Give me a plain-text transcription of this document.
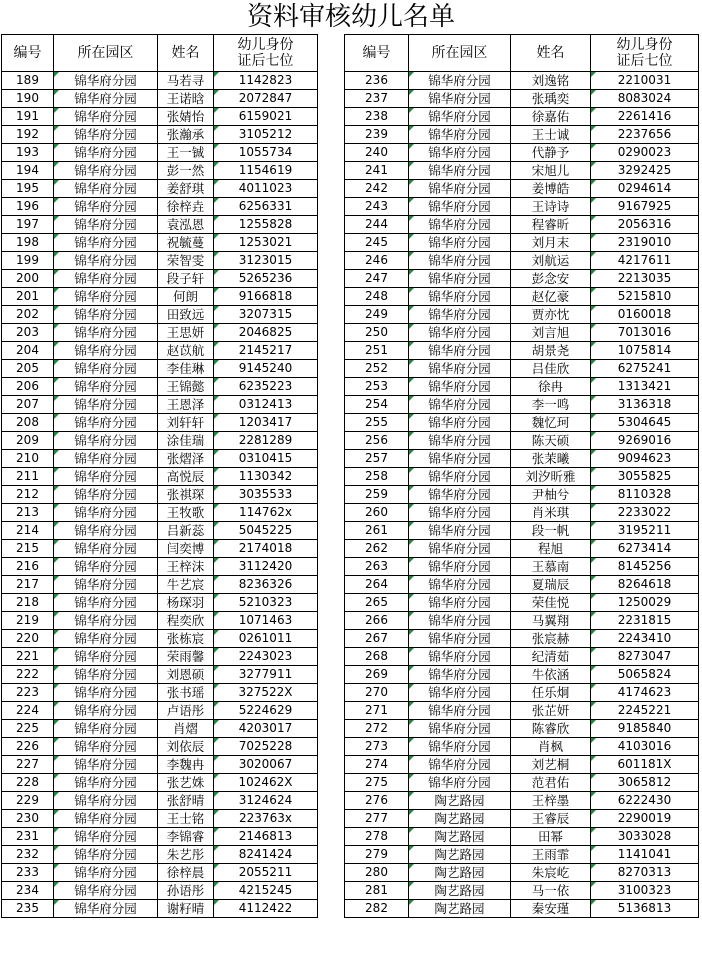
资料审核幼儿名单
编号	所在园区	姓名	幼儿身份
证后七位
189	锦华府分园	马若寻	1142823
190	锦华府分园	王诺晗	2072847
191	锦华府分园	张婧怡	6159021
192	锦华府分园	张瀚承	3105212
193	锦华府分园	王一铖	1055734
194	锦华府分园	彭一然	1154619
195	锦华府分园	姜舒琪	4011023
196	锦华府分园	徐梓垚	6256331
197	锦华府分园	袁泓恩	1255828
198	锦华府分园	祝毓蔓	1253021
199	锦华府分园	荣智雯	3123015
200	锦华府分园	段子轩	5265236
201	锦华府分园	何朗	9166818
202	锦华府分园	田致远	3207315
203	锦华府分园	王思妍	2046825
204	锦华府分园	赵苡航	2145217
205	锦华府分园	李佳琳	9145240
206	锦华府分园	王锦懿	6235223
207	锦华府分园	王恩泽	0312413
208	锦华府分园	刘轩轩	1203417
209	锦华府分园	涂佳瑞	2281289
210	锦华府分园	张熠泽	0310415
211	锦华府分园	高悦辰	1130342
212	锦华府分园	张祺琛	3035533
213	锦华府分园	王牧歌	114762x
214	锦华府分园	吕新蕊	5045225
215	锦华府分园	闫奕博	2174018
216	锦华府分园	王梓沫	3112420
217	锦华府分园	牛艺宸	8236326
218	锦华府分园	杨琛羽	5210323
219	锦华府分园	程奕欣	1071463
220	锦华府分园	张栋宸	0261011
221	锦华府分园	荣雨馨	2243023
222	锦华府分园	刘恩硕	3277911
223	锦华府分园	张书瑶	327522X
224	锦华府分园	卢语彤	5224629
225	锦华府分园	肖熠	4203017
226	锦华府分园	刘依辰	7025228
227	锦华府分园	李魏冉	3020067
228	锦华府分园	张艺姝	102462X
229	锦华府分园	张舒晴	3124624
230	锦华府分园	王士铭	223763x
231	锦华府分园	李锦睿	2146813
232	锦华府分园	朱艺彤	8241424
233	锦华府分园	徐梓晨	2055211
234	锦华府分园	孙语彤	4215245
235	锦华府分园	谢籽晴	4112422
编号	所在园区	姓名	幼儿身份
证后七位
236	锦华府分园	刘逸铭	2210031
237	锦华府分园	张瑀奕	8083024
238	锦华府分园	徐嘉佑	2261416
239	锦华府分园	王士诚	2237656
240	锦华府分园	代静予	0290023
241	锦华府分园	宋旭儿	3292425
242	锦华府分园	姜博皓	0294614
243	锦华府分园	王诗诗	9167925
244	锦华府分园	程睿昕	2056316
245	锦华府分园	刘月末	2319010
246	锦华府分园	刘航运	4217611
247	锦华府分园	彭念安	2213035
248	锦华府分园	赵亿豪	5215810
249	锦华府分园	贾亦忱	0160018
250	锦华府分园	刘言旭	7013016
251	锦华府分园	胡景尧	1075814
252	锦华府分园	吕佳欣	6275241
253	锦华府分园	徐冉	1313421
254	锦华府分园	李一鸣	3136318
255	锦华府分园	魏忆珂	5304645
256	锦华府分园	陈天硕	9269016
257	锦华府分园	张茉曦	9094623
258	锦华府分园	刘汐昕雅	3055825
259	锦华府分园	尹柚兮	8110328
260	锦华府分园	肖米琪	2233022
261	锦华府分园	段一帆	3195211
262	锦华府分园	程旭	6273414
263	锦华府分园	王慕南	8145256
264	锦华府分园	夏瑞辰	8264618
265	锦华府分园	荣佳悦	1250029
266	锦华府分园	马翼翔	2231815
267	锦华府分园	张宸赫	2243410
268	锦华府分园	纪清茹	8273047
269	锦华府分园	牛依涵	5065824
270	锦华府分园	任乐炯	4174623
271	锦华府分园	张芷妍	2245221
272	锦华府分园	陈睿欣	9185840
273	锦华府分园	肖枫	4103016
274	锦华府分园	刘艺桐	601181X
275	锦华府分园	范君佑	3065812
276	陶艺路园	王梓墨	6222430
277	陶艺路园	王睿辰	2290019
278	陶艺路园	田幂	3033028
279	陶艺路园	王雨霏	1141041
280	陶艺路园	朱宸屹	8270313
281	陶艺路园	马一依	3100323
282	陶艺路园	秦安瑾	5136813
